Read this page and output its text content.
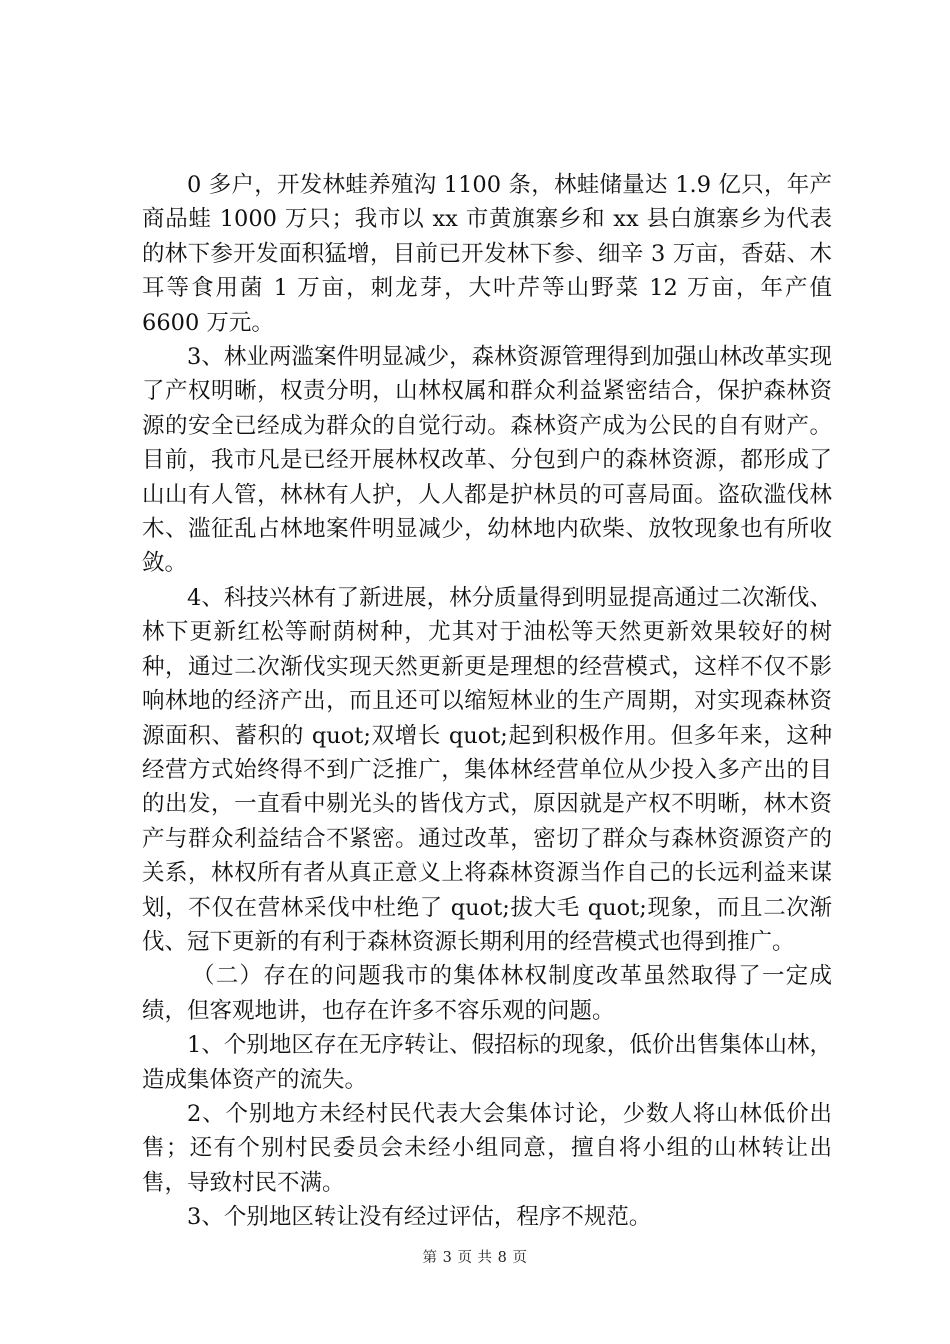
0 多户，开发林蛙养殖沟 1100 条，林蛙储量达 1.9 亿只，年产商品蛙 1000 万只；我市以 xx 市黄旗寨乡和 xx 县白旗寨乡为代表的林下参开发面积猛增，目前已开发林下参、细辛 3 万亩，香菇、木耳等食用菌 1 万亩，刺龙芽，大叶芹等山野菜 12 万亩，年产值 6600 万元。

3、林业两滥案件明显减少，森林资源管理得到加强山林改革实现了产权明晰，权责分明，山林权属和群众利益紧密结合，保护森林资源的安全已经成为群众的自觉行动。森林资产成为公民的自有财产。目前，我市凡是已经开展林权改革、分包到户的森林资源，都形成了山山有人管，林林有人护，人人都是护林员的可喜局面。盗砍滥伐林木、滥征乱占林地案件明显减少，幼林地内砍柴、放牧现象也有所收敛。

4、科技兴林有了新进展，林分质量得到明显提高通过二次渐伐、林下更新红松等耐荫树种，尤其对于油松等天然更新效果较好的树种，通过二次渐伐实现天然更新更是理想的经营模式，这样不仅不影响林地的经济产出，而且还可以缩短林业的生产周期，对实现森林资源面积、蓄积的 quot;双增长 quot;起到积极作用。但多年来，这种经营方式始终得不到广泛推广，集体林经营单位从少投入多产出的目的出发，一直看中剔光头的皆伐方式，原因就是产权不明晰，林木资产与群众利益结合不紧密。通过改革，密切了群众与森林资源资产的关系，林权所有者从真正意义上将森林资源当作自己的长远利益来谋划，不仅在营林采伐中杜绝了 quot;拔大毛 quot;现象，而且二次渐伐、冠下更新的有利于森林资源长期利用的经营模式也得到推广。

（二）存在的问题我市的集体林权制度改革虽然取得了一定成绩，但客观地讲，也存在许多不容乐观的问题。

1、个别地区存在无序转让、假招标的现象，低价出售集体山林，造成集体资产的流失。

2、个别地方未经村民代表大会集体讨论，少数人将山林低价出售；还有个别村民委员会未经小组同意，擅自将小组的山林转让出售，导致村民不满。

3、个别地区转让没有经过评估，程序不规范。

第 3 页 共 8 页
